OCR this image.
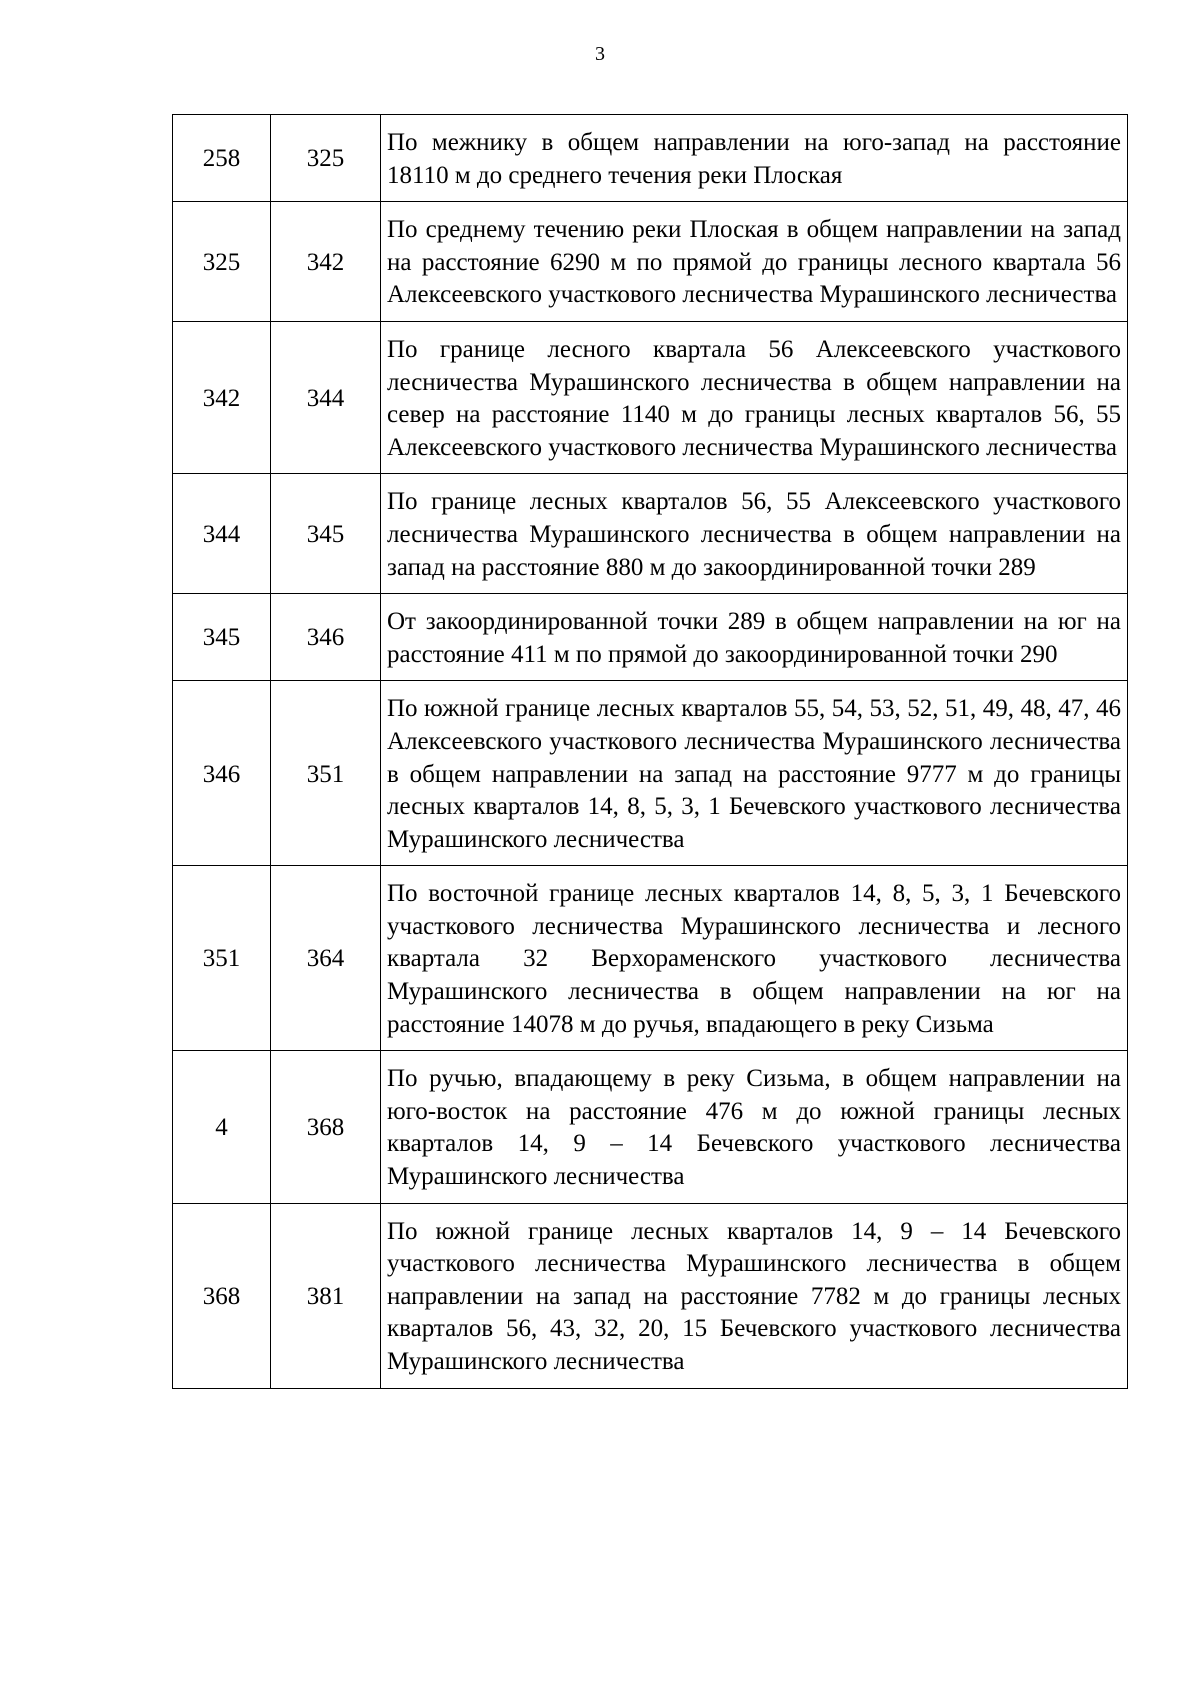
3
258	325	По межнику в общем направлении на юго-запад на расстояние 18110 м до среднего течения реки Плоская
325	342	По среднему течению реки Плоская в общем направлении на запад на расстояние 6290 м по прямой до границы лесного квартала 56 Алексеевского участкового лесничества Мурашинского лесничества
342	344	По границе лесного квартала 56 Алексеевского участкового лесничества Мурашинского лесничества в общем направлении на север на расстояние 1140 м до границы лесных кварталов 56, 55 Алексеевского участкового лесничества Мурашинского лесничества
344	345	По границе лесных кварталов 56, 55 Алексеевского участкового лесничества Мурашинского лесничества в общем направлении на запад на расстояние 880 м до закоординированной точки 289
345	346	От закоординированной точки 289 в общем направлении на юг на расстояние 411 м по прямой до закоординированной точки 290
346	351	По южной границе лесных кварталов 55, 54, 53, 52, 51, 49, 48, 47, 46 Алексеевского участкового лесничества Мурашинского лесничества в общем направлении на запад на расстояние 9777 м до границы лесных кварталов 14, 8, 5, 3, 1 Бечевского участкового лесничества Мурашинского лесничества
351	364	По восточной границе лесных кварталов 14, 8, 5, 3, 1 Бечевского участкового лесничества Мурашинского лесничества и лесного квартала 32 Верхораменского участкового лесничества Мурашинского лесничества в общем направлении на юг на расстояние 14078 м до ручья, впадающего в реку Сизьма
4	368	По ручью, впадающему в реку Сизьма, в общем направлении на юго-восток на расстояние 476 м до южной границы лесных кварталов 14, 9 – 14 Бечевского участкового лесничества Мурашинского лесничества
368	381	По южной границе лесных кварталов 14, 9 – 14 Бечевского участкового лесничества Мурашинского лесничества в общем направлении на запад на расстояние 7782 м до границы лесных кварталов 56, 43, 32, 20, 15 Бечевского участкового лесничества Мурашинского лесничества
